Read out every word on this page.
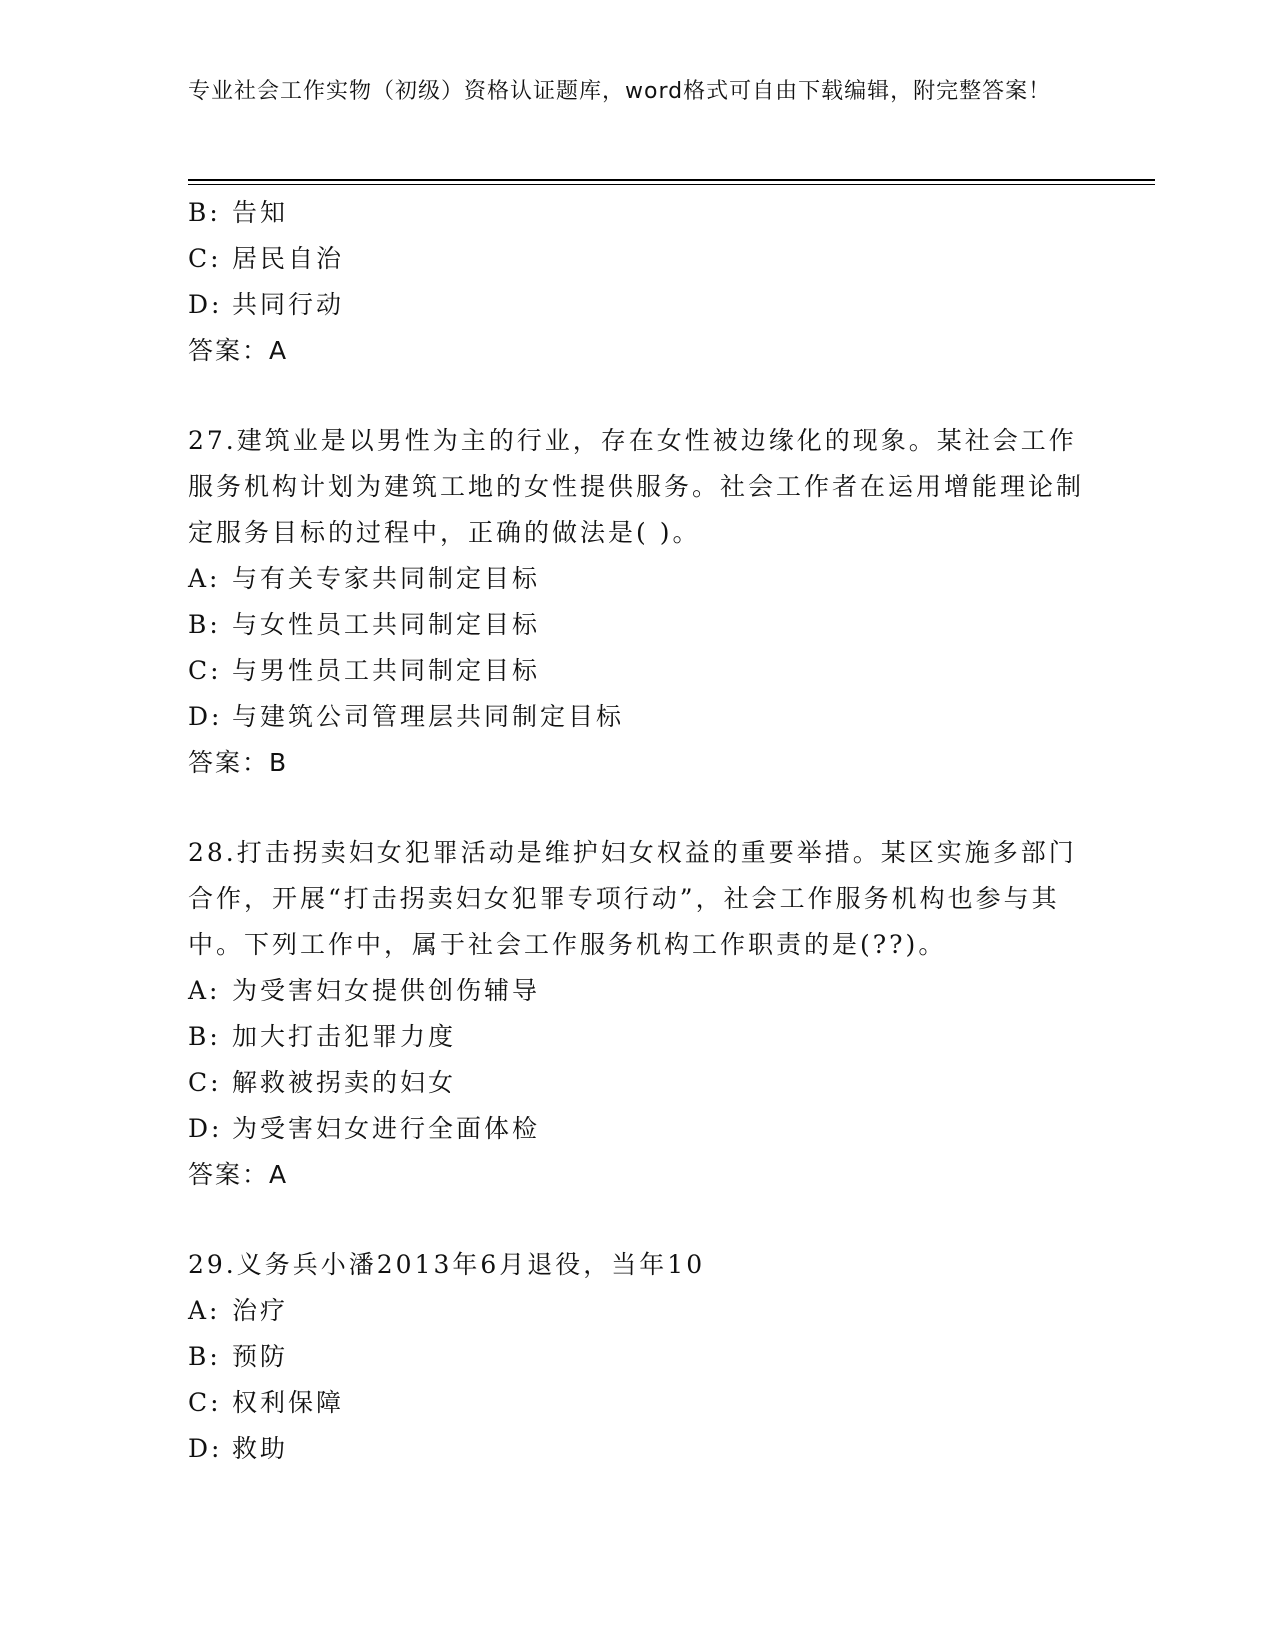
专业社会工作实物（初级）资格认证题库，word格式可自由下载编辑，附完整答案！
B: 告知
C: 居民自治
D: 共同行动
答案：A
27.建筑业是以男性为主的行业，存在女性被边缘化的现象。某社会工作服务机构计划为建筑工地的女性提供服务。社会工作者在运用增能理论制定服务目标的过程中，正确的做法是( )。
A: 与有关专家共同制定目标
B: 与女性员工共同制定目标
C: 与男性员工共同制定目标
D: 与建筑公司管理层共同制定目标
答案：B
28.打击拐卖妇女犯罪活动是维护妇女权益的重要举措。某区实施多部门合作，开展“打击拐卖妇女犯罪专项行动”，社会工作服务机构也参与其中。下列工作中，属于社会工作服务机构工作职责的是(??)。
A: 为受害妇女提供创伤辅导
B: 加大打击犯罪力度
C: 解救被拐卖的妇女
D: 为受害妇女进行全面体检
答案：A
29.义务兵小潘2013年6月退役，当年10
A: 治疗
B: 预防
C: 权利保障
D: 救助
